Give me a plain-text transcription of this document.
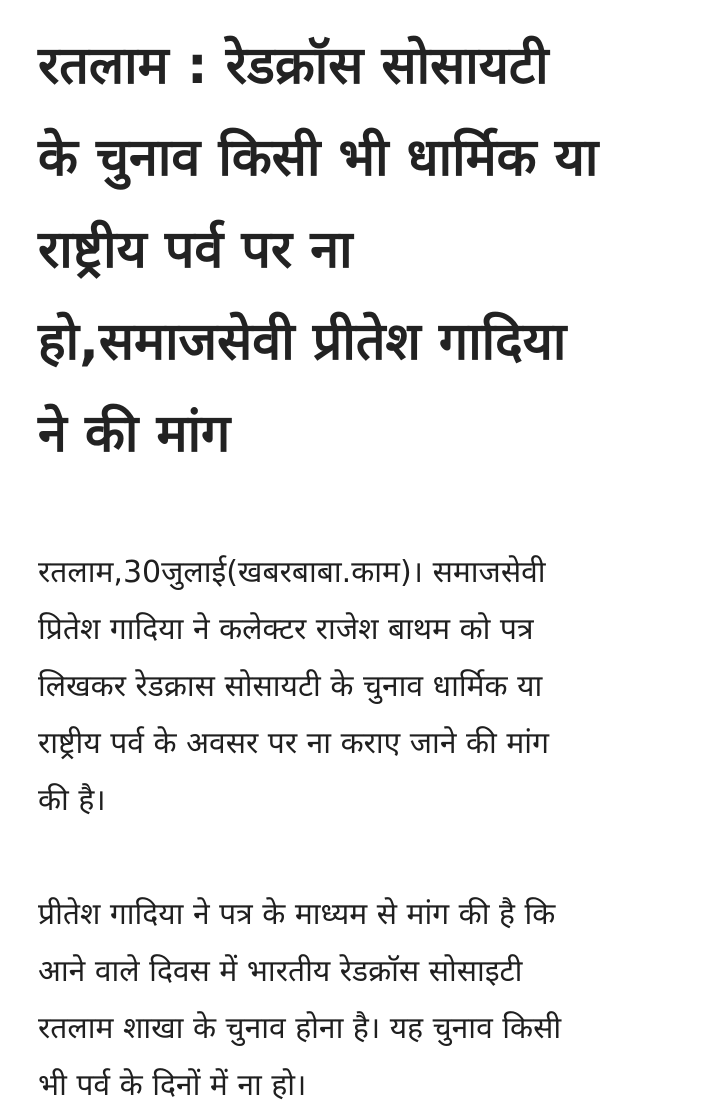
रतलाम : रेडक्रॉस सोसायटी
के चुनाव किसी भी धार्मिक या
राष्ट्रीय पर्व पर ना
हो,समाजसेवी प्रीतेश गादिया
ने की मांग

रतलाम,30जुलाई(खबरबाबा.काम)। समाजसेवी
प्रितेश गादिया ने कलेक्टर राजेश बाथम को पत्र
लिखकर रेडक्रास सोसायटी के चुनाव धार्मिक या
राष्ट्रीय पर्व के अवसर पर ना कराए जाने की मांग
की है।

प्रीतेश गादिया ने पत्र के माध्यम से मांग की है कि
आने वाले दिवस में भारतीय रेडक्रॉस सोसाइटी
रतलाम शाखा के चुनाव होना है। यह चुनाव किसी
भी पर्व के दिनों में ना हो।
